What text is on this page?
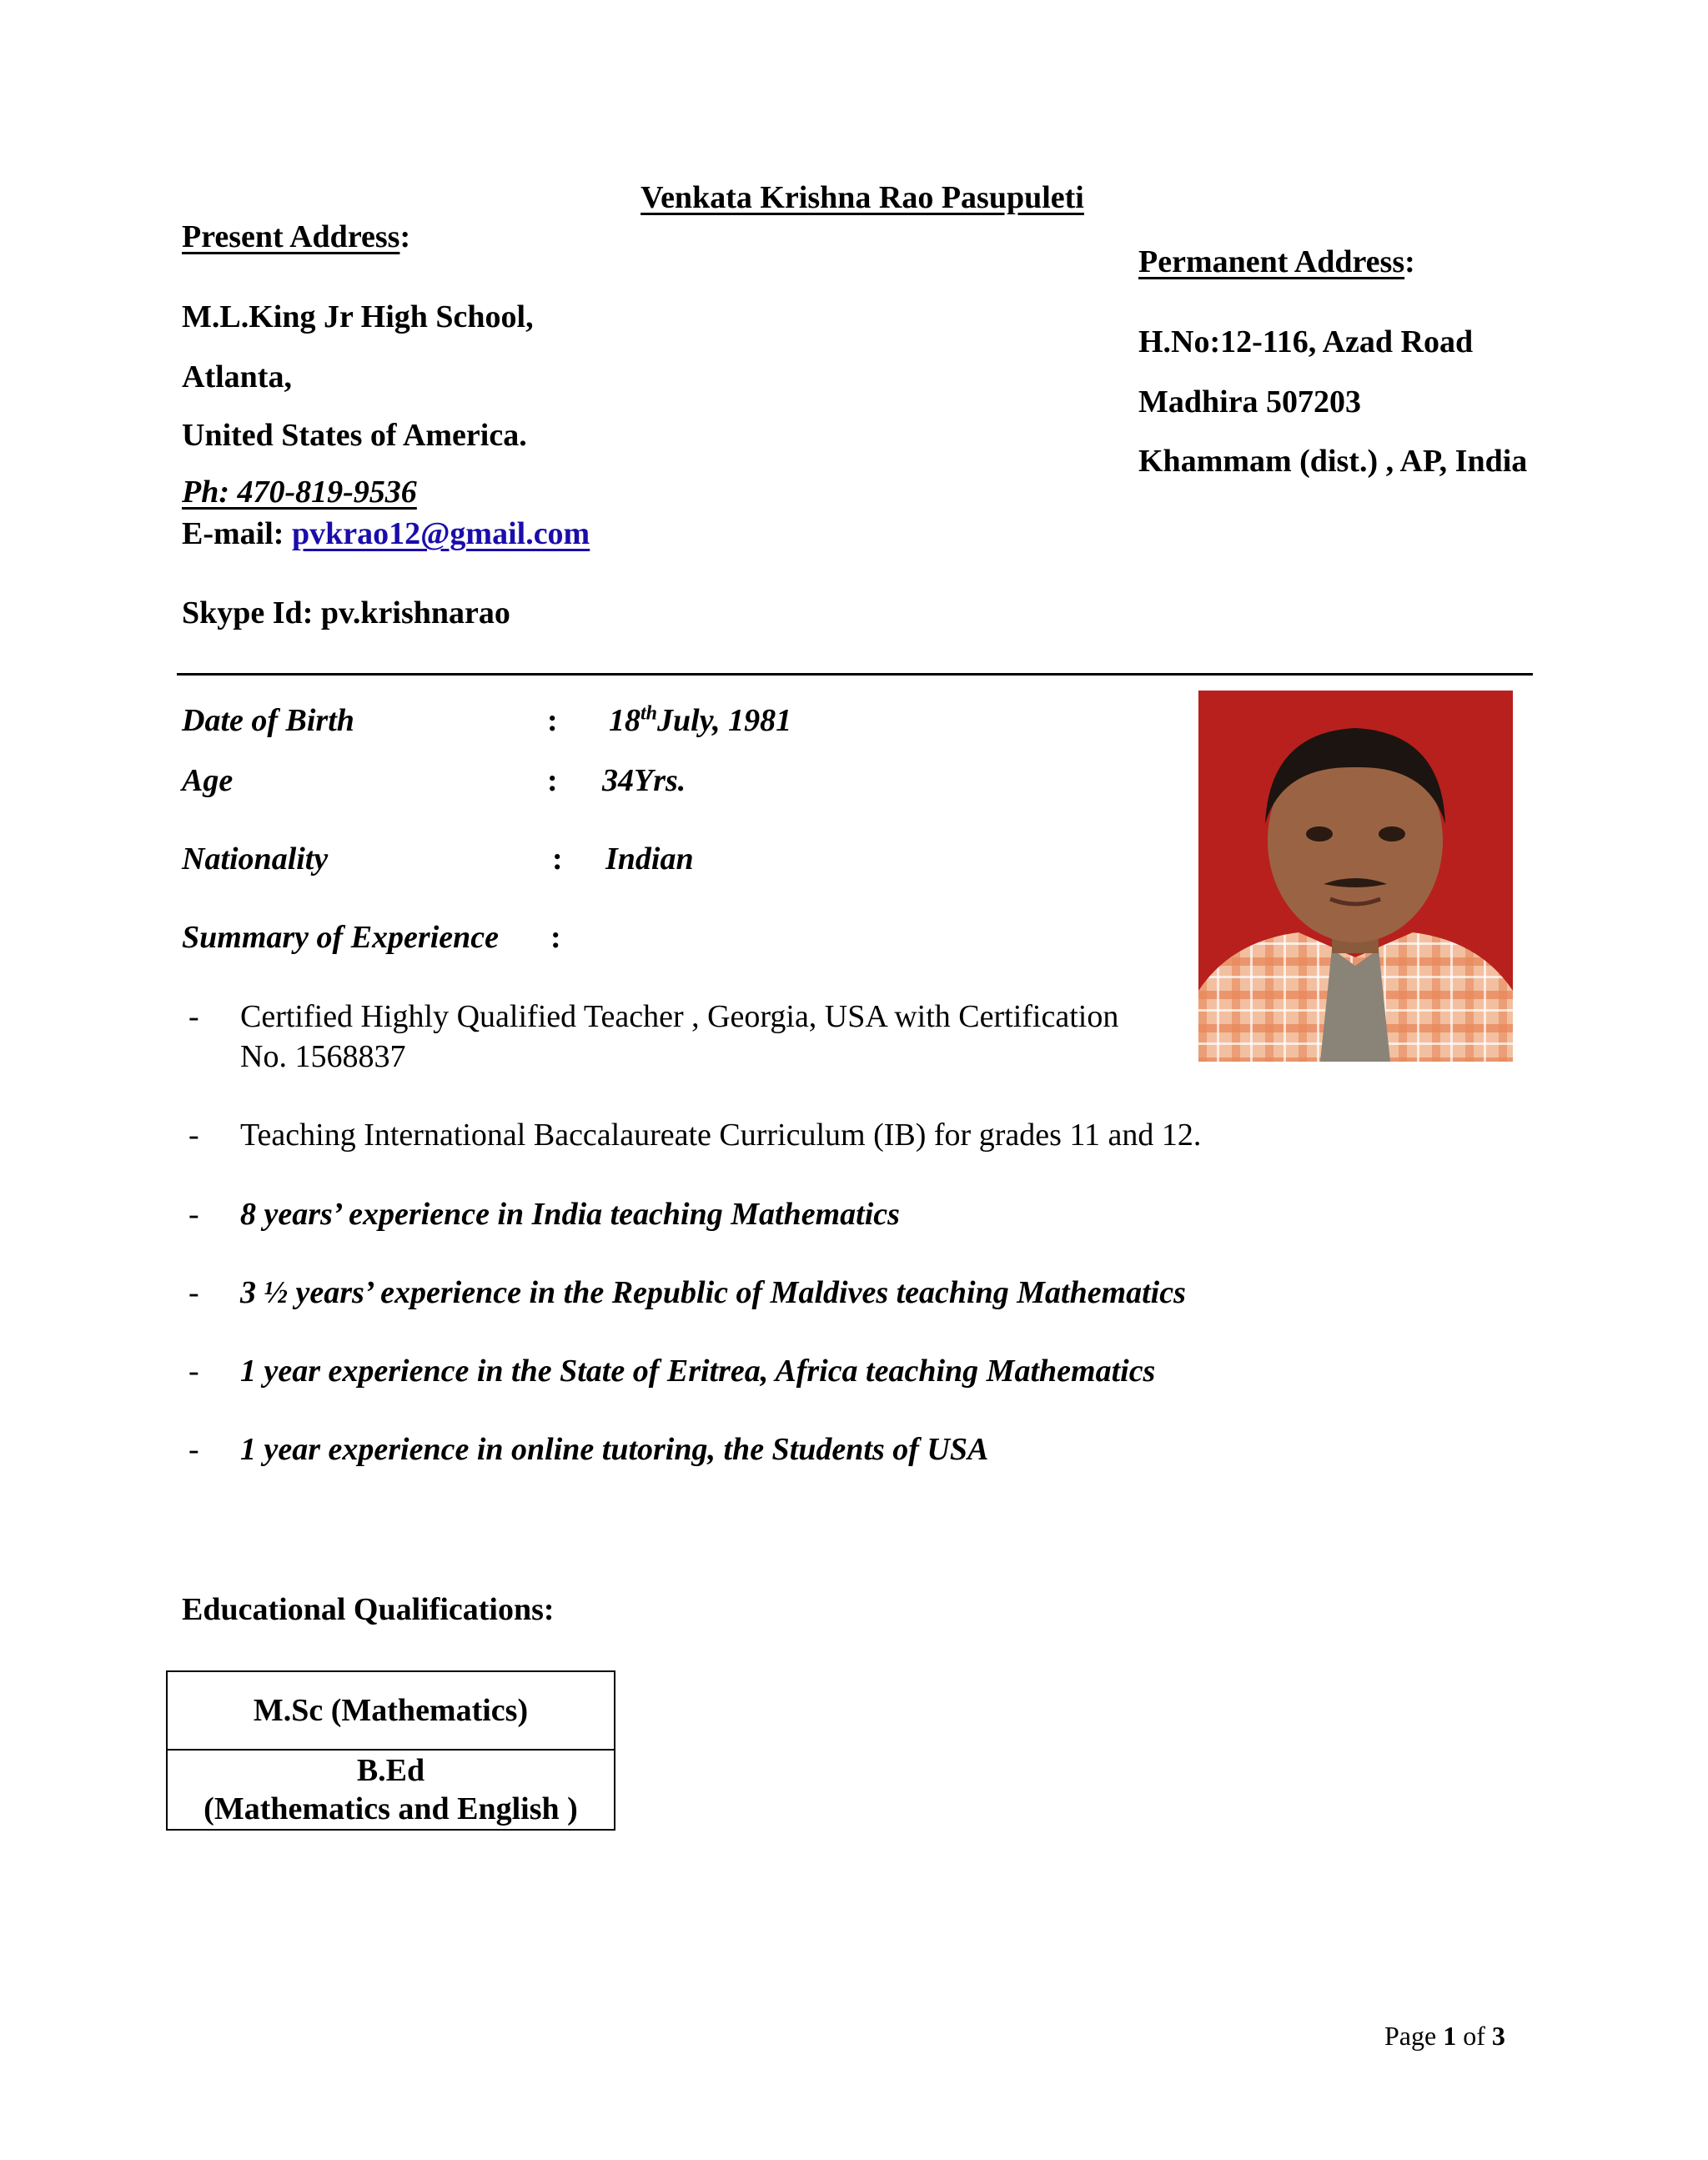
Venkata Krishna Rao Pasupuleti
Present Address:
M.L.King Jr High School,
Atlanta,
United States of America.
Ph: 470-819-9536
E-mail: pvkrao12@gmail.com
Skype Id: pv.krishnarao
Permanent Address:
H.No:12-116, Azad Road
Madhira 507203
Khammam (dist.) , AP, India
Date of Birth	: 18thJuly, 1981
Age	: 34Yrs.
Nationality	: Indian
Summary of Experience :
- Certified Highly Qualified Teacher , Georgia, USA with Certification
No. 1568837
- Teaching International Baccalaureate Curriculum (IB) for grades 11 and 12.
- 8 years’ experience in India teaching Mathematics
- 3 ½ years’ experience in the Republic of Maldives teaching Mathematics
- 1 year experience in the State of Eritrea, Africa teaching Mathematics
- 1 year experience in online tutoring, the Students of USA
Educational Qualifications:
M.Sc (Mathematics)

B.Ed
(Mathematics and English )
Page 1 of 3
